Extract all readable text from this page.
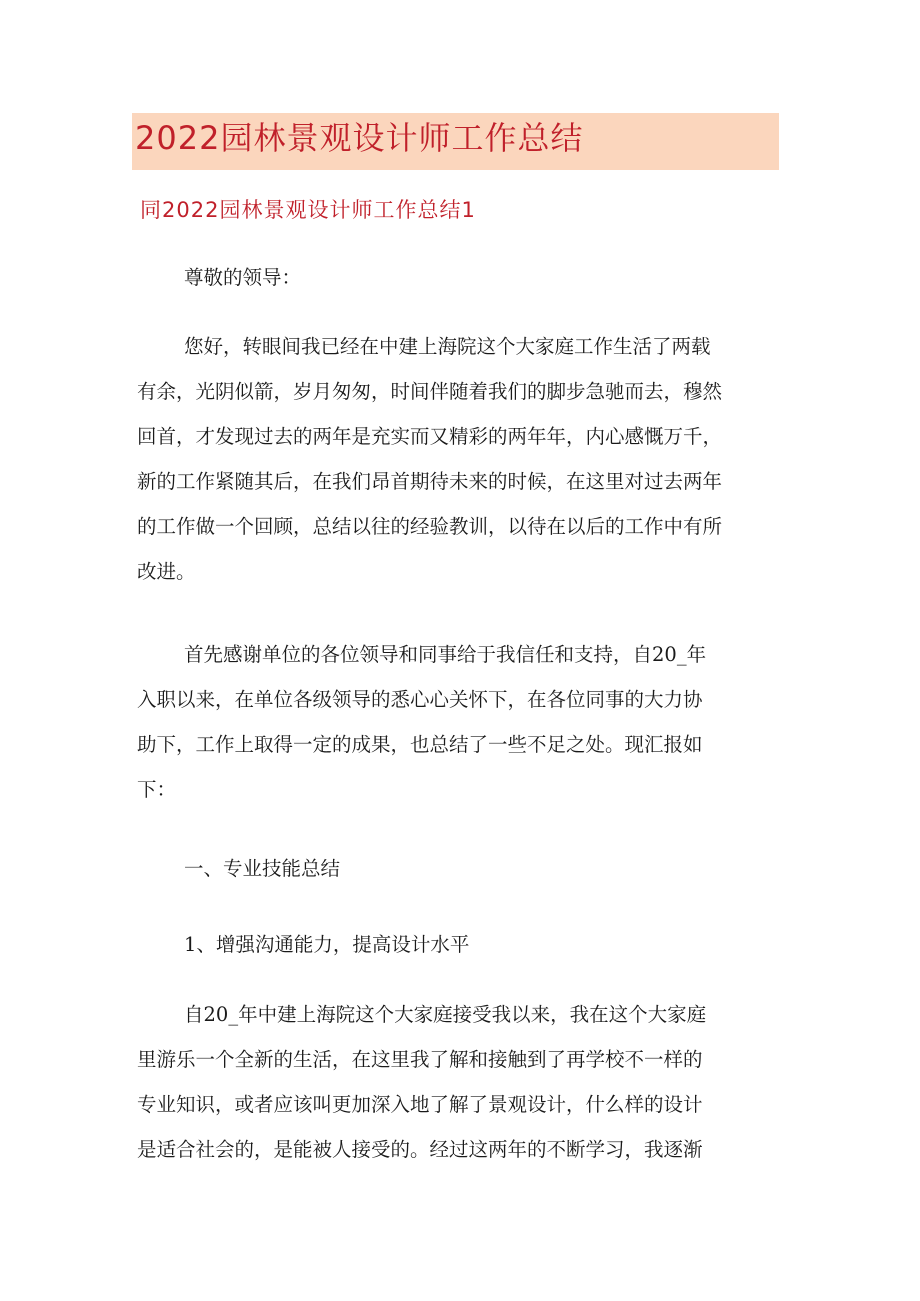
2022园林景观设计师工作总结
同2022园林景观设计师工作总结1
尊敬的领导：
您好，转眼间我已经在中建上海院这个大家庭工作生活了两载
有余，光阴似箭，岁月匆匆，时间伴随着我们的脚步急驰而去，穆然
回首，才发现过去的两年是充实而又精彩的两年年，内心感慨万千，
新的工作紧随其后，在我们昂首期待未来的时候，在这里对过去两年
的工作做一个回顾，总结以往的经验教训，以待在以后的工作中有所
改进。
首先感谢单位的各位领导和同事给于我信任和支持，自20_年
入职以来，在单位各级领导的悉心心关怀下，在各位同事的大力协
助下，工作上取得一定的成果，也总结了一些不足之处。现汇报如
下：
一、专业技能总结
1、增强沟通能力，提高设计水平
自20_年中建上海院这个大家庭接受我以来，我在这个大家庭
里游乐一个全新的生活，在这里我了解和接触到了再学校不一样的
专业知识，或者应该叫更加深入地了解了景观设计，什么样的设计
是适合社会的，是能被人接受的。经过这两年的不断学习，我逐渐
